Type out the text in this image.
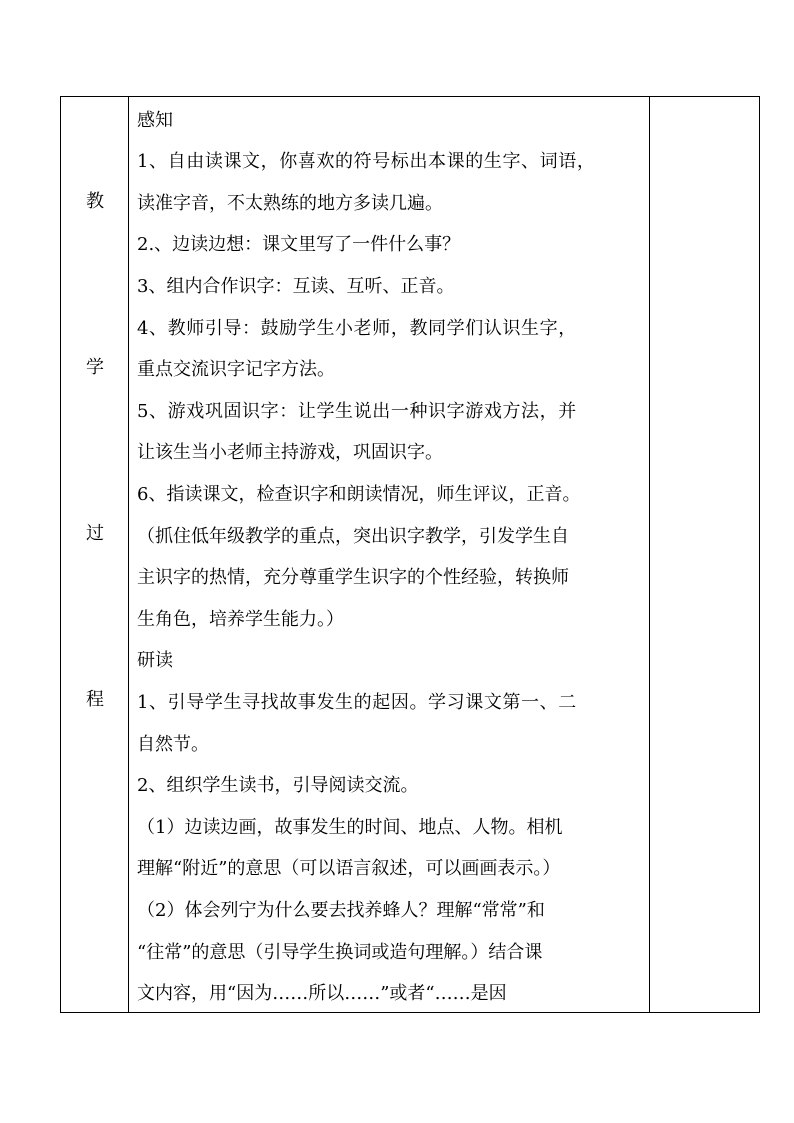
教
学
过
程
感知
1、自由读课文，你喜欢的符号标出本课的生字、词语，
读准字音，不太熟练的地方多读几遍。
2.、边读边想：课文里写了一件什么事？
3、组内合作识字：互读、互听、正音。
4、教师引导：鼓励学生小老师，教同学们认识生字，
重点交流识字记字方法。
5、游戏巩固识字：让学生说出一种识字游戏方法，并
让该生当小老师主持游戏，巩固识字。
6、指读课文，检查识字和朗读情况，师生评议，正音。
（抓住低年级教学的重点，突出识字教学，引发学生自
主识字的热情，充分尊重学生识字的个性经验，转换师
生角色，培养学生能力。）
研读
1、引导学生寻找故事发生的起因。学习课文第一、二
自然节。
2、组织学生读书，引导阅读交流。
（1）边读边画，故事发生的时间、地点、人物。相机
理解“附近”的意思（可以语言叙述，可以画画表示。）
（2）体会列宁为什么要去找养蜂人？理解“常常”和
“往常”的意思（引导学生换词或造句理解。）结合课
文内容，用“因为……所以……”或者“……是因
